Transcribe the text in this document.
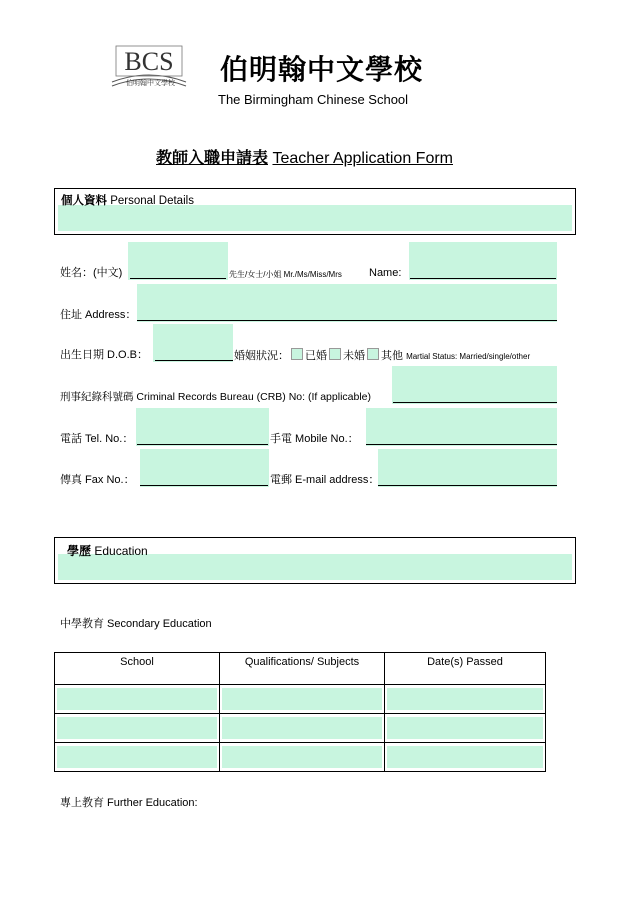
BCS
伯明翰中文學校 伯明翰中文學校
The Birmingham Chinese School
教師入職申請表 Teacher Application Form
個人資料 Personal Details
姓名：(中文)	先生/女士/小姐 Mr./Ms/Miss/Mrs Name:
住址 Address：
出生日期 D.O.B：	婚姻狀況： 已婚 未婚 其他 Martial Status: Married/single/other
刑事紀錄科號碼 Criminal Records Bureau (CRB) No: (If applicable)
電話 Tel. No.：	手電 Mobile No.：
傳真 Fax No.：	電郵 E-mail address：
學歷 Education
中學教育 Secondary Education
School	Qualifications/ Subjects	Date(s) Passed

專上教育 Further Education:
